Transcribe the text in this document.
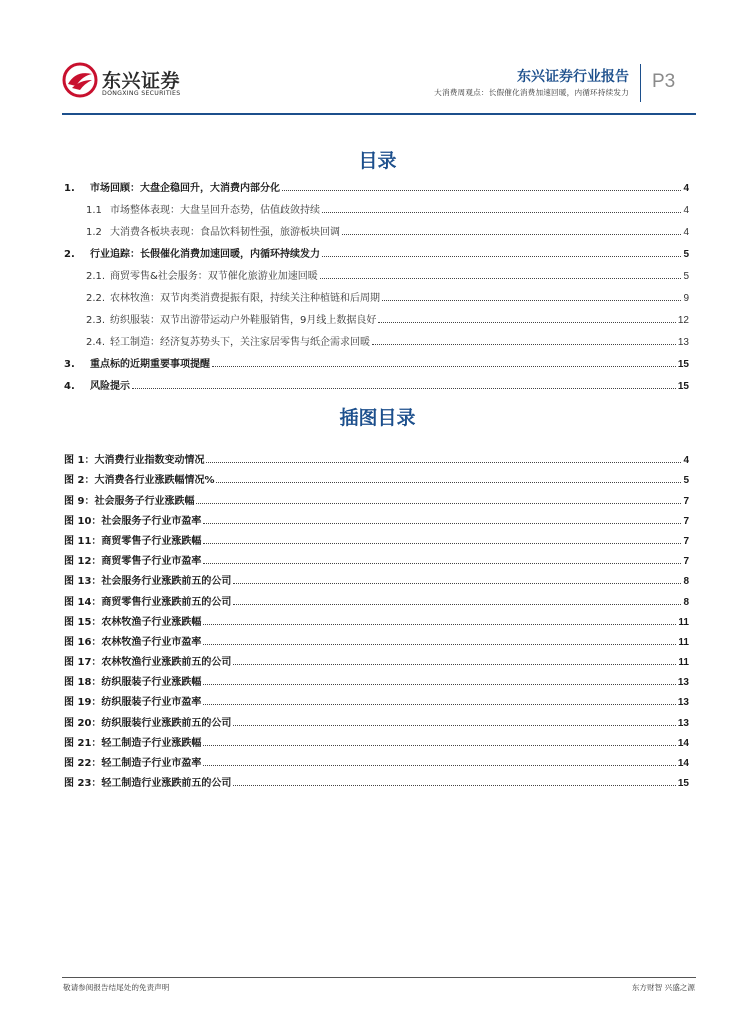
东兴证券
DONGXING SECURITIES
东兴证券行业报告
大消费周观点：长假催化消费加速回暖，内循环持续发力
P3
目录
1.	市场回顾：大盘企稳回升，大消费内部分化	4
1.1 市场整体表现：大盘呈回升态势，估值歧敛持续	4
1.2 大消费各板块表现：食品饮料韧性强，旅游板块回调	4
2.	行业追踪：长假催化消费加速回暖，内循环持续发力	5
2.1. 商贸零售&社会服务：双节催化旅游业加速回暖	5
2.2. 农林牧渔：双节肉类消费提振有限，持续关注种植链和后周期	9
2.3. 纺织服装：双节出游带运动户外鞋服销售，9月线上数据良好	12
2.4. 轻工制造：经济复苏势头下，关注家居零售与纸企需求回暖	13
3.	重点标的近期重要事项提醒	15
4.	风险提示	15
插图目录
图 1：大消费行业指数变动情况	4
图 2：大消费各行业涨跌幅情况%	5
图 9：社会服务子行业涨跌幅	7
图 10：社会服务子行业市盈率	7
图 11：商贸零售子行业涨跌幅	7
图 12：商贸零售子行业市盈率	7
图 13：社会服务行业涨跌前五的公司	8
图 14：商贸零售行业涨跌前五的公司	8
图 15：农林牧渔子行业涨跌幅	11
图 16：农林牧渔子行业市盈率	11
图 17：农林牧渔行业涨跌前五的公司	11
图 18：纺织服装子行业涨跌幅	13
图 19：纺织服装子行业市盈率	13
图 20：纺织服装行业涨跌前五的公司	13
图 21：轻工制造子行业涨跌幅	14
图 22：轻工制造子行业市盈率	14
图 23：轻工制造行业涨跌前五的公司	15
敬请参阅报告结尾处的免责声明	东方财智 兴盛之源
